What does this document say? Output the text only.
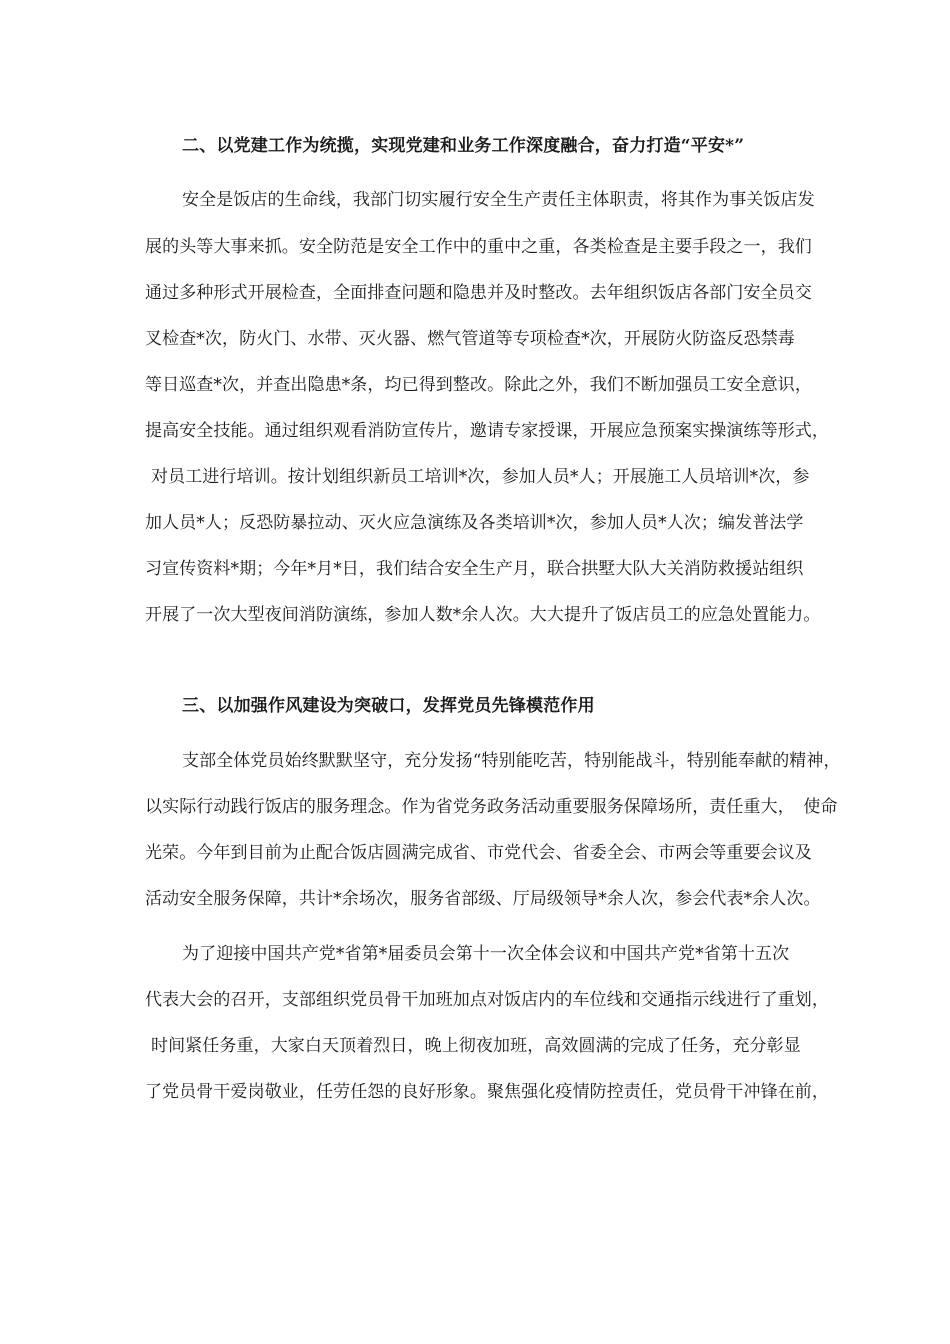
二、以党建工作为统揽，实现党建和业务工作深度融合，奋力打造“平安*”
安全是饭店的生命线，我部门切实履行安全生产责任主体职责，将其作为事关饭店发
展的头等大事来抓。安全防范是安全工作中的重中之重，各类检查是主要手段之一，我们
通过多种形式开展检查，全面排查问题和隐患并及时整改。去年组织饭店各部门安全员交
叉检查*次，防火门、水带、灭火器、燃气管道等专项检查*次，开展防火防盗反恐禁毒
等日巡查*次，并查出隐患*条，均已得到整改。除此之外，我们不断加强员工安全意识，
提高安全技能。通过组织观看消防宣传片，邀请专家授课，开展应急预案实操演练等形式，
对员工进行培训。按计划组织新员工培训*次，参加人员*人；开展施工人员培训*次，参
加人员*人；反恐防暴拉动、灭火应急演练及各类培训*次，参加人员*人次；编发普法学
习宣传资料*期；今年*月*日，我们结合安全生产月，联合拱墅大队大关消防救援站组织
开展了一次大型夜间消防演练，参加人数*余人次。大大提升了饭店员工的应急处置能力。
三、以加强作风建设为突破口，发挥党员先锋模范作用
支部全体党员始终默默坚守，充分发扬“特别能吃苦，特别能战斗，特别能奉献的精神，
以实际行动践行饭店的服务理念。作为省党务政务活动重要服务保障场所，责任重大，　使命
光荣。今年到目前为止配合饭店圆满完成省、市党代会、省委全会、市两会等重要会议及
活动安全服务保障，共计*余场次，服务省部级、厅局级领导*余人次，参会代表*余人次。
为了迎接中国共产党*省第*届委员会第十一次全体会议和中国共产党*省第十五次
代表大会的召开，支部组织党员骨干加班加点对饭店内的车位线和交通指示线进行了重划，
时间紧任务重，大家白天顶着烈日，晚上彻夜加班，高效圆满的完成了任务，充分彰显
了党员骨干爱岗敬业，任劳任怨的良好形象。聚焦强化疫情防控责任，党员骨干冲锋在前，
